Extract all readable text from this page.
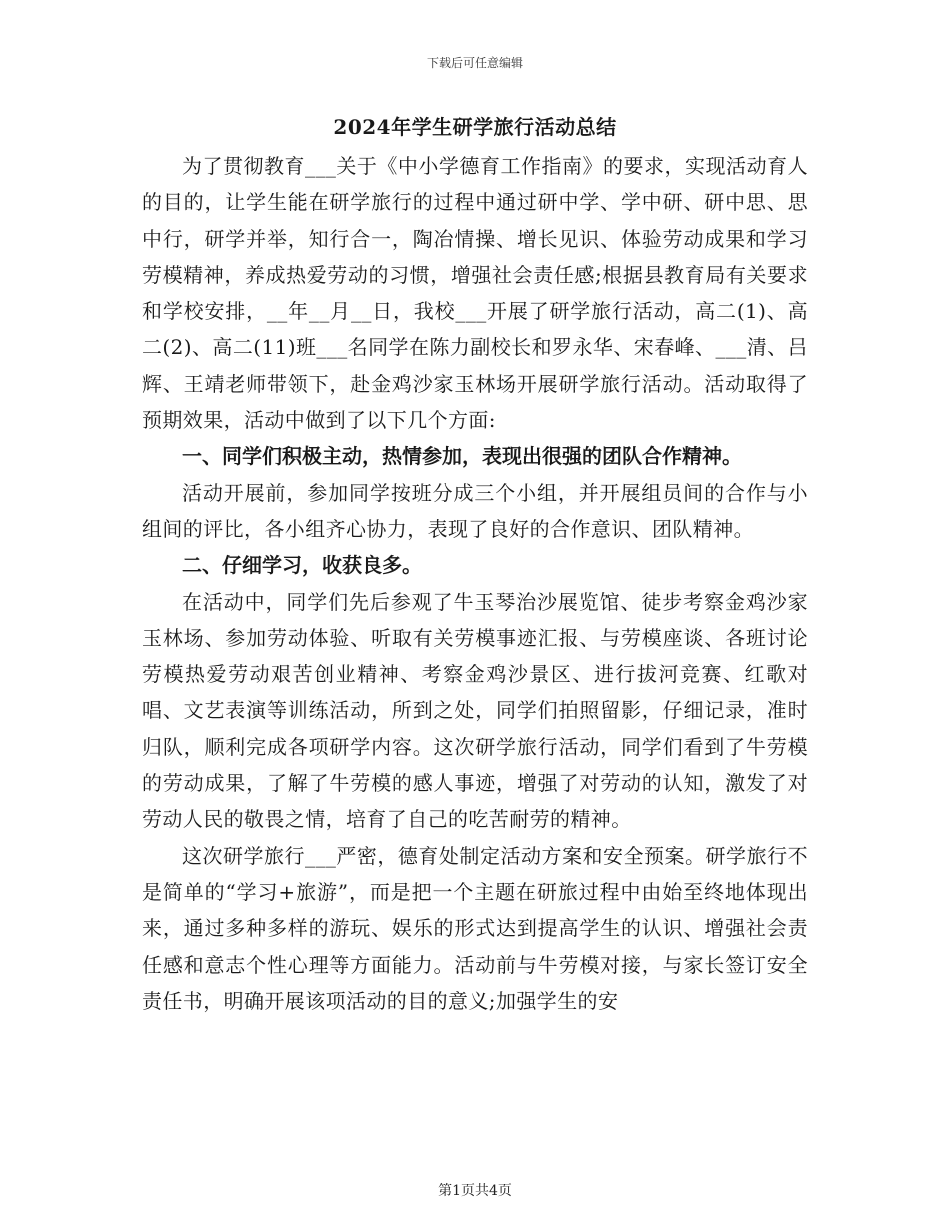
下载后可任意编辑
2024年学生研学旅行活动总结

为了贯彻教育___关于《中小学德育工作指南》的要求，实现活动育人的目的，让学生能在研学旅行的过程中通过研中学、学中研、研中思、思中行，研学并举，知行合一，陶冶情操、增长见识、体验劳动成果和学习劳模精神，养成热爱劳动的习惯，增强社会责任感;根据县教育局有关要求和学校安排，__年__月__日，我校___开展了研学旅行活动，高二(1)、高二(2)、高二(11)班___名同学在陈力副校长和罗永华、宋春峰、___清、吕辉、王靖老师带领下，赴金鸡沙家玉林场开展研学旅行活动。活动取得了预期效果，活动中做到了以下几个方面:

一、同学们积极主动，热情参加，表现出很强的团队合作精神。

活动开展前，参加同学按班分成三个小组，并开展组员间的合作与小组间的评比，各小组齐心协力，表现了良好的合作意识、团队精神。

二、仔细学习，收获良多。

在活动中，同学们先后参观了牛玉琴治沙展览馆、徒步考察金鸡沙家玉林场、参加劳动体验、听取有关劳模事迹汇报、与劳模座谈、各班讨论劳模热爱劳动艰苦创业精神、考察金鸡沙景区、进行拔河竞赛、红歌对唱、文艺表演等训练活动，所到之处，同学们拍照留影，仔细记录，准时归队，顺利完成各项研学内容。这次研学旅行活动，同学们看到了牛劳模的劳动成果，了解了牛劳模的感人事迹，增强了对劳动的认知，激发了对劳动人民的敬畏之情，培育了自己的吃苦耐劳的精神。

这次研学旅行___严密，德育处制定活动方案和安全预案。研学旅行不是简单的“学习+旅游”，而是把一个主题在研旅过程中由始至终地体现出来，通过多种多样的游玩、娱乐的形式达到提高学生的认识、增强社会责任感和意志个性心理等方面能力。活动前与牛劳模对接，与家长签订安全责任书，明确开展该项活动的目的意义;加强学生的安

第1页共4页
